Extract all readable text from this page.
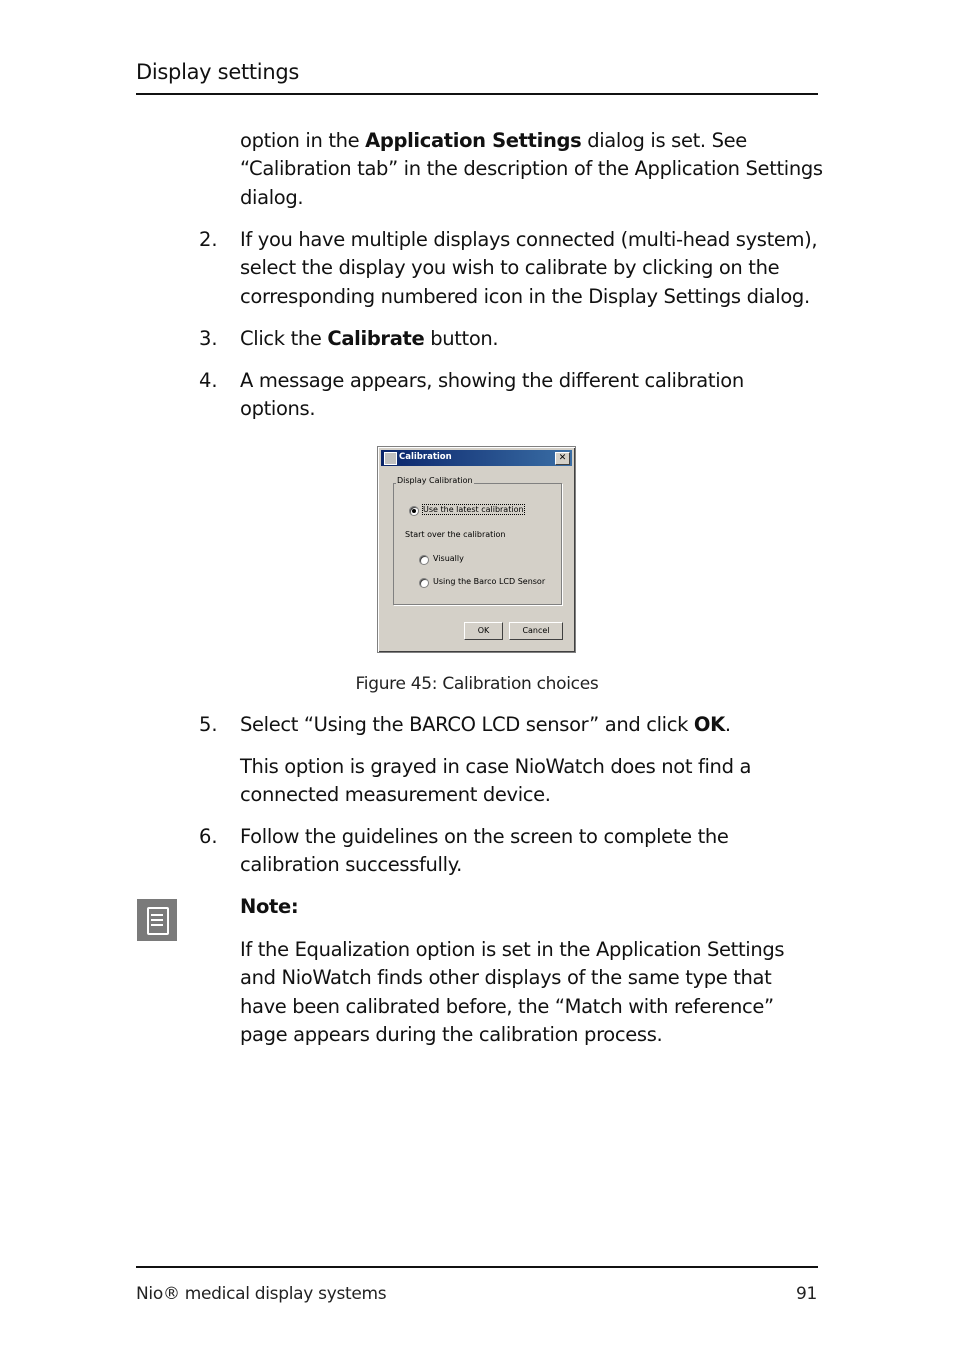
Display settings
option in the Application Settings dialog is set. See “Calibration tab” in the description of the Application Settings dialog.
2. If you have multiple displays connected (multi-head system), select the display you wish to calibrate by clicking on the corresponding numbered icon in the Display Settings dialog.
3. Click the Calibrate button.
4. A message appears, showing the different calibration options.
Calibration	✕
Display Calibration
Use the latest calibration
Start over the calibration
Visually
Using the Barco LCD Sensor
OK	Cancel
Figure 45: Calibration choices
5. Select “Using the BARCO LCD sensor” and click OK.
This option is grayed in case NioWatch does not find a connected measurement device.
6. Follow the guidelines on the screen to complete the calibration successfully.
Note:
If the Equalization option is set in the Application Settings and NioWatch finds other displays of the same type that have been calibrated before, the “Match with reference” page appears during the calibration process.
Nio® medical display systems	91
